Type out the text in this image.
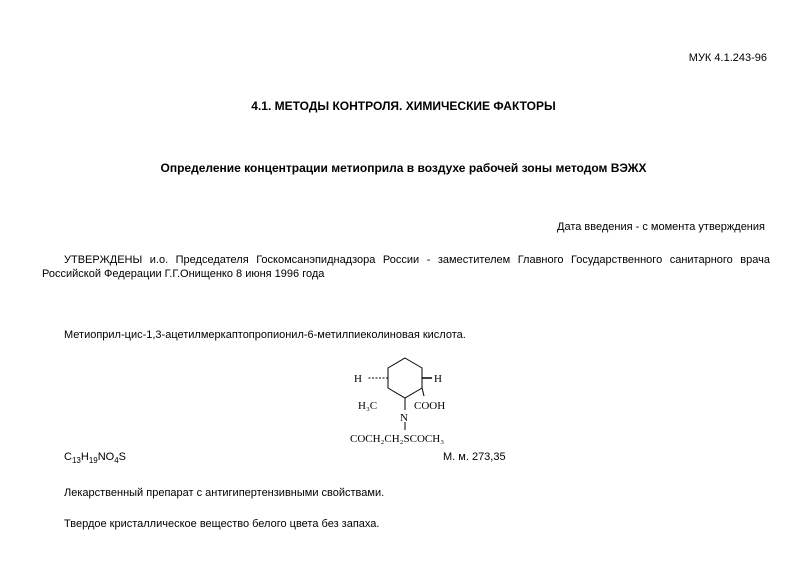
МУК 4.1.243-96
4.1. МЕТОДЫ КОНТРОЛЯ. ХИМИЧЕСКИЕ ФАКТОРЫ
Определение концентрации метиоприла в воздухе рабочей зоны методом ВЭЖХ
Дата введения - с момента утверждения
УТВЕРЖДЕНЫ и.о. Председателя Госкомсанэпиднадзора России - заместителем Главного Государственного санитарного врача
Российской Федерации Г.Г.Онищенко 8 июня 1996 года
Метиоприл-цис-1,3-ацетилмеркаптопропионил-6-метилпиеколиновая кислота.
H	H
H₃C	COOH
N
COCH₂CH₂SCOCH₃
$C_{13}H_{19}NO_4S$	М. м. 273,35
Лекарственный препарат с антигипертензивными свойствами.
Твердое кристаллическое вещество белого цвета без запаха.
